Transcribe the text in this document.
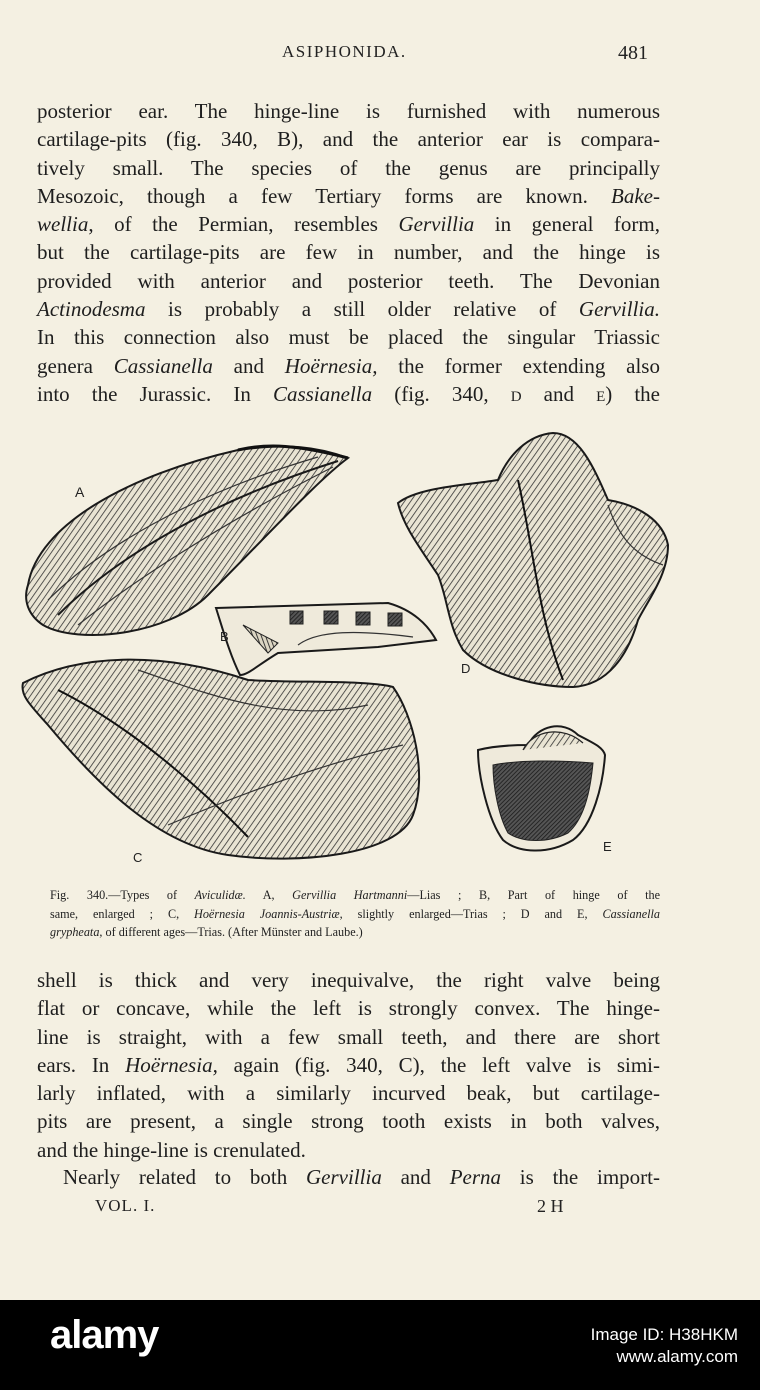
ASIPHONIDA.	481

posterior ear. The hinge-line is furnished with numerous
cartilage-pits (fig. 340, B), and the anterior ear is compara-
tively small. The species of the genus are principally
Mesozoic, though a few Tertiary forms are known. Bake-
wellia, of the Permian, resembles Gervillia in general form,
but the cartilage-pits are few in number, and the hinge is
provided with anterior and posterior teeth. The Devonian
Actinodesma is probably a still older relative of Gervillia.
In this connection also must be placed the singular Triassic
genera Cassianella and Hoërnesia, the former extending also
into the Jurassic. In Cassianella (fig. 340, D and E) the

A
B
C
D
E
Fig. 340.—Types of Aviculidæ. A, Gervillia Hartmanni—Lias ; B, Part of hinge of the
same, enlarged ; C, Hoërnesia Joannis-Austriæ, slightly enlarged—Trias ; D and E, Cassianella
grypheata, of different ages—Trias. (After Münster and Laube.)

shell is thick and very inequivalve, the right valve being
flat or concave, while the left is strongly convex. The hinge-
line is straight, with a few small teeth, and there are short
ears. In Hoërnesia, again (fig. 340, C), the left valve is simi-
larly inflated, with a similarly incurved beak, but cartilage-
pits are present, a single strong tooth exists in both valves,
and the hinge-line is crenulated.

Nearly related to both Gervillia and Perna is the import-

VOL. I.	2 H
alamy	Image ID: H38HKM
www.alamy.com
